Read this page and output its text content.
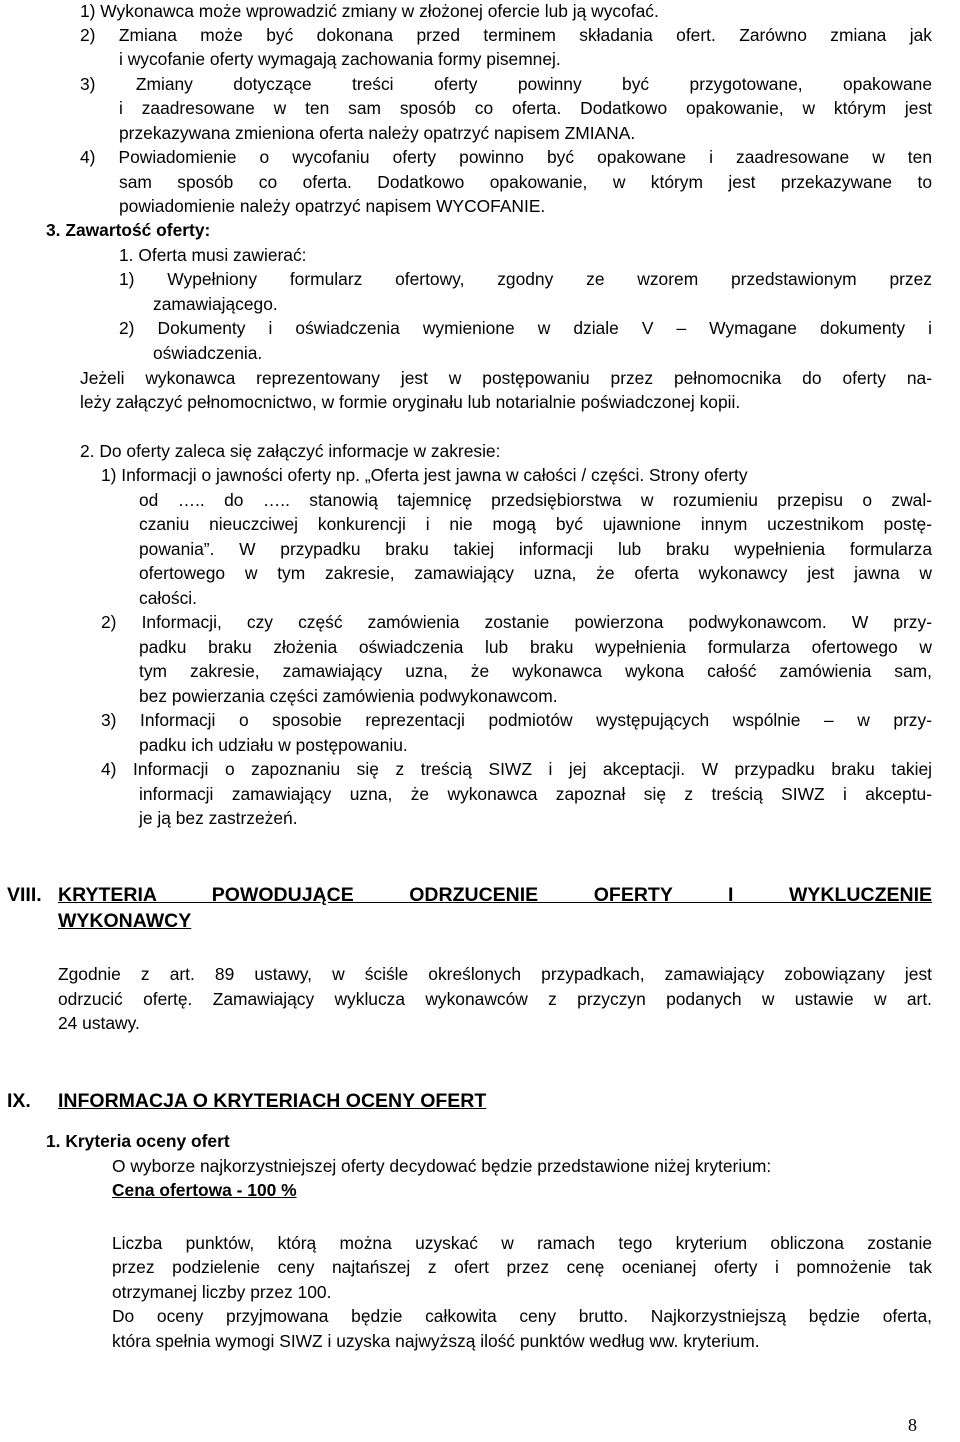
1) Wykonawca może wprowadzić zmiany w złożonej ofercie lub ją wycofać.
2) Zmiana może być dokonana przed terminem składania ofert. Zarówno zmiana jak
i wycofanie oferty wymagają zachowania formy pisemnej.
3) Zmiany dotyczące treści oferty powinny być przygotowane, opakowane
i zaadresowane w ten sam sposób co oferta. Dodatkowo opakowanie, w którym jest
przekazywana zmieniona oferta należy opatrzyć napisem ZMIANA.
4) Powiadomienie o wycofaniu oferty powinno być opakowane i zaadresowane w ten
sam sposób co oferta. Dodatkowo opakowanie, w którym jest przekazywane to
powiadomienie należy opatrzyć napisem WYCOFANIE.
3. Zawartość oferty:
1. Oferta musi zawierać:
1) Wypełniony formularz ofertowy, zgodny ze wzorem przedstawionym przez
zamawiającego.
2) Dokumenty i oświadczenia wymienione w dziale V – Wymagane dokumenty i
oświadczenia.
Jeżeli wykonawca reprezentowany jest w postępowaniu przez pełnomocnika do oferty na-
leży załączyć pełnomocnictwo, w formie oryginału lub notarialnie poświadczonej kopii.
2. Do oferty zaleca się załączyć informacje w zakresie:
1) Informacji o jawności oferty np. „Oferta jest jawna w całości / części. Strony oferty
od ….. do ….. stanowią tajemnicę przedsiębiorstwa w rozumieniu przepisu o zwal-
czaniu nieuczciwej konkurencji i nie mogą być ujawnione innym uczestnikom postę-
powania”. W przypadku braku takiej informacji lub braku wypełnienia formularza
ofertowego w tym zakresie, zamawiający uzna, że oferta wykonawcy jest jawna w
całości.
2) Informacji, czy część zamówienia zostanie powierzona podwykonawcom. W przy-
padku braku złożenia oświadczenia lub braku wypełnienia formularza ofertowego w
tym zakresie, zamawiający uzna, że wykonawca wykona całość zamówienia sam,
bez powierzania części zamówienia podwykonawcom.
3) Informacji o sposobie reprezentacji podmiotów występujących wspólnie – w przy-
padku ich udziału w postępowaniu.
4) Informacji o zapoznaniu się z treścią SIWZ i jej akceptacji. W przypadku braku takiej
informacji zamawiający uzna, że wykonawca zapoznał się z treścią SIWZ i akceptu-
je ją bez zastrzeżeń.
VIII. KRYTERIA POWODUJĄCE ODRZUCENIE OFERTY I WYKLUCZENIE
WYKONAWCY
Zgodnie z art. 89 ustawy, w ściśle określonych przypadkach, zamawiający zobowiązany jest
odrzucić ofertę. Zamawiający wyklucza wykonawców z przyczyn podanych w ustawie w art.
24 ustawy.
IX. INFORMACJA O KRYTERIACH OCENY OFERT
1. Kryteria oceny ofert
O wyborze najkorzystniejszej oferty decydować będzie przedstawione niżej kryterium:
Cena ofertowa - 100 %
Liczba punktów, którą można uzyskać w ramach tego kryterium obliczona zostanie
przez podzielenie ceny najtańszej z ofert przez cenę ocenianej oferty i pomnożenie tak
otrzymanej liczby przez 100.
Do oceny przyjmowana będzie całkowita ceny brutto. Najkorzystniejszą będzie oferta,
która spełnia wymogi SIWZ i uzyska najwyższą ilość punktów według ww. kryterium.
8
